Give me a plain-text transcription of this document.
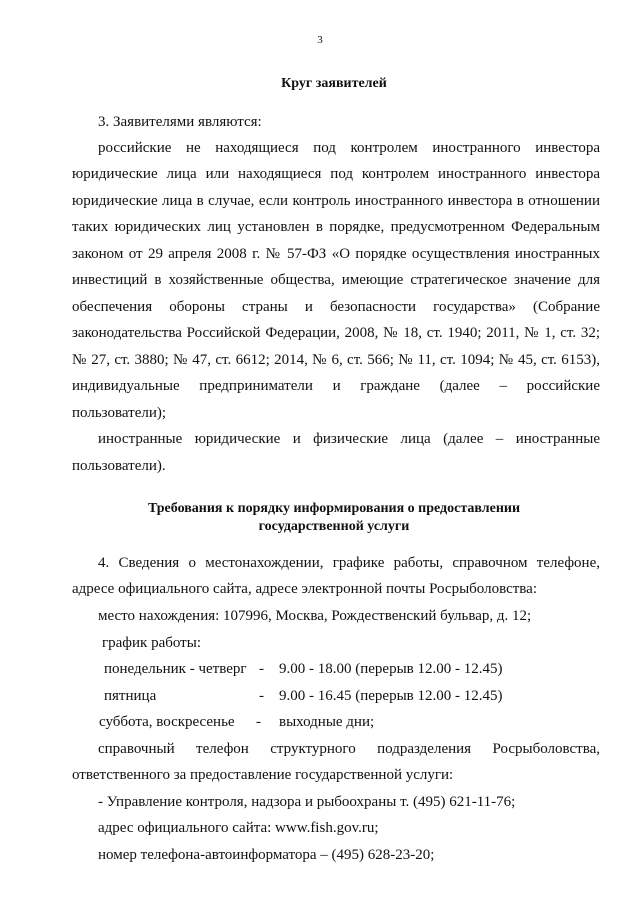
3
Круг заявителей
3. Заявителями являются:
российские не находящиеся под контролем иностранного инвестора
юридические лица или находящиеся под контролем иностранного инвестора
юридические лица в случае, если контроль иностранного инвестора в отношении
таких юридических лиц установлен в порядке, предусмотренном Федеральным
законом от 29 апреля 2008 г. № 57-ФЗ «О порядке осуществления иностранных
инвестиций в хозяйственные общества, имеющие стратегическое значение для
обеспечения обороны страны и безопасности государства» (Собрание
законодательства Российской Федерации, 2008, № 18, ст. 1940; 2011, № 1, ст. 32;
№ 27, ст. 3880; № 47, ст. 6612; 2014, № 6, ст. 566; № 11, ст. 1094; № 45, ст. 6153),
индивидуальные предприниматели и граждане (далее – российские
пользователи);
иностранные юридические и физические лица (далее – иностранные
пользователи).
Требования к порядку информирования о предоставлении
государственной услуги
4. Сведения о местонахождении, графике работы, справочном телефоне,
адресе официального сайта, адресе электронной почты Росрыболовства:
место нахождения: 107996, Москва, Рождественский бульвар, д. 12;
график работы:
понедельник - четверг - 9.00 - 18.00 (перерыв 12.00 - 12.45)
пятница	- 9.00 - 16.45 (перерыв 12.00 - 12.45)
суббота, воскресенье - выходные дни;
справочный телефон структурного подразделения Росрыболовства,
ответственного за предоставление государственной услуги:
- Управление контроля, надзора и рыбоохраны т. (495) 621-11-76;
адрес официального сайта: www.fish.gov.ru;
номер телефона-автоинформатора – (495) 628-23-20;
